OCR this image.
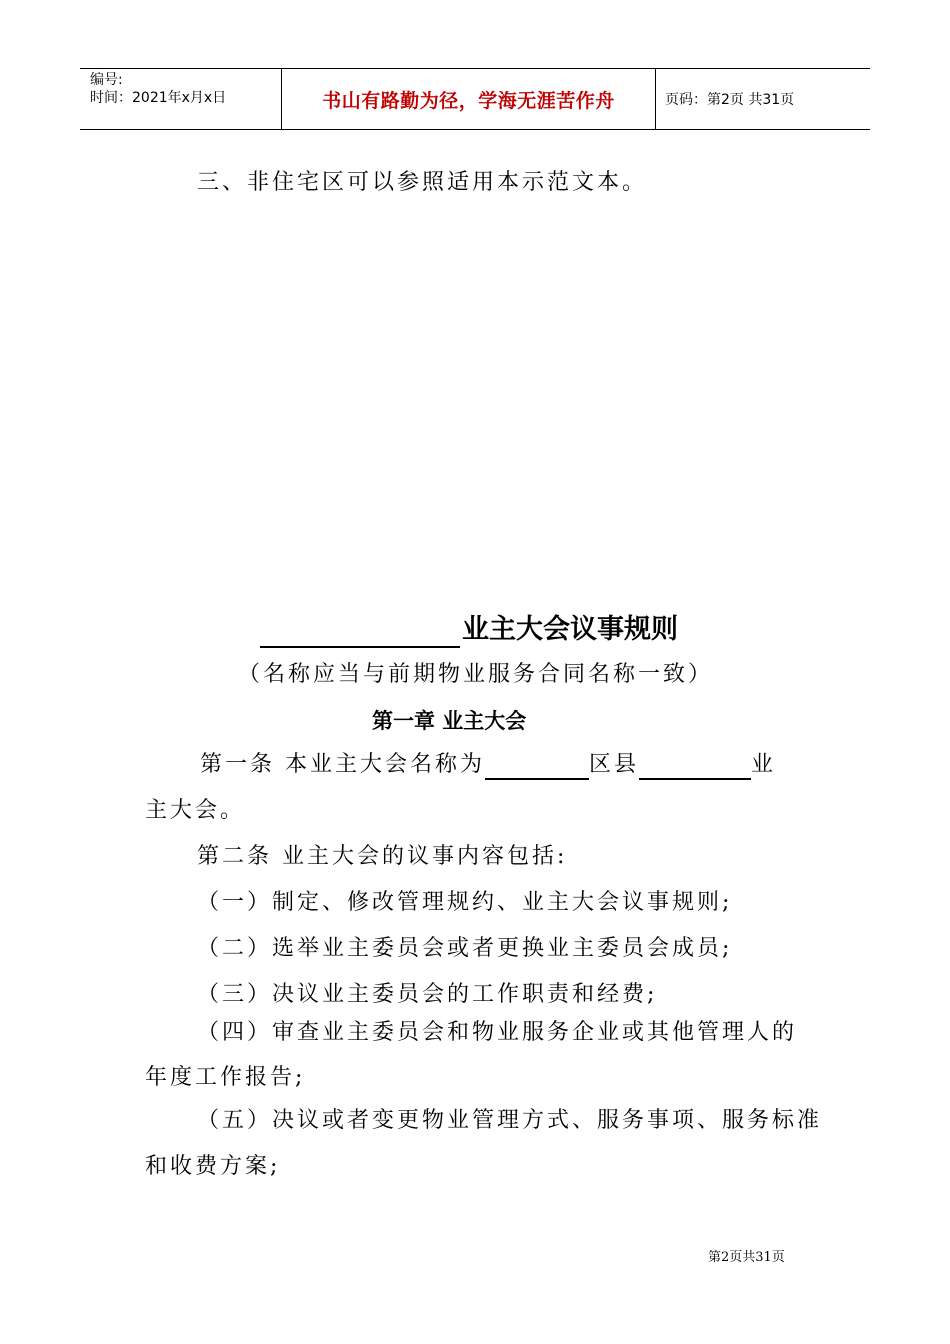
编号:
时间：2021年x月x日	书山有路勤为径，学海无涯苦作舟	页码：第2页 共31页
三、非住宅区可以参照适用本示范文本。
业主大会议事规则
（名称应当与前期物业服务合同名称一致）
第一章 业主大会
第一条 本业主大会名称为	区县	业
主大会。
第二条 业主大会的议事内容包括:
（一）制定、修改管理规约、业主大会议事规则;
（二）选举业主委员会或者更换业主委员会成员;
（三）决议业主委员会的工作职责和经费;
（四）审查业主委员会和物业服务企业或其他管理人的
年度工作报告;
（五）决议或者变更物业管理方式、服务事项、服务标准
和收费方案;
第2页共31页
